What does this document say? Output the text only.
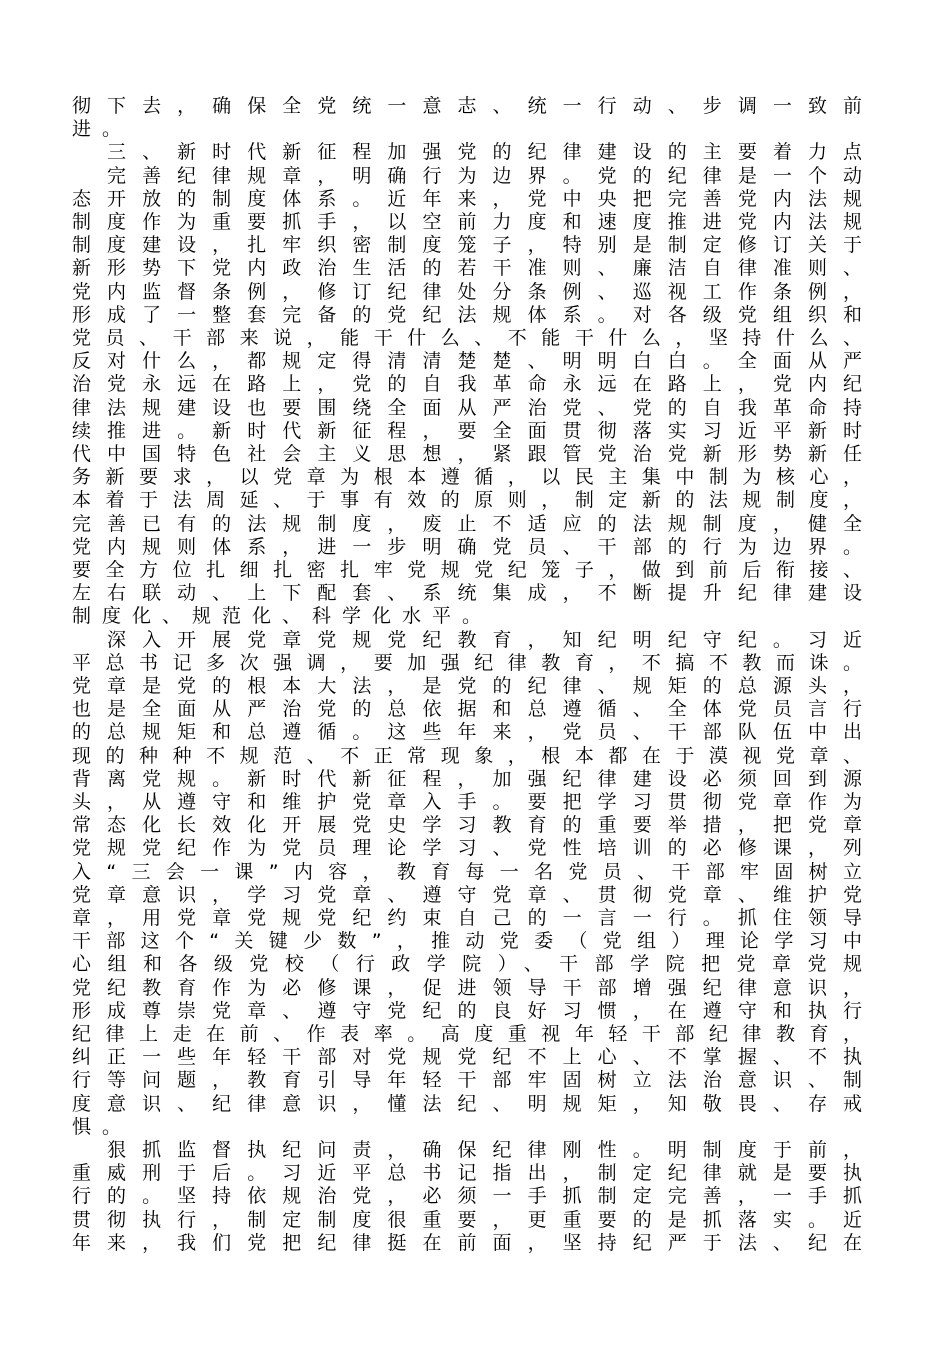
彻下去，确保全党统一意志、统一行动、步调一致前
进。
　三、新时代新征程加强党的纪律建设的主要着力点
　完善纪律规章，明确行为边界。党的纪律是一个动
态开放的制度体系。近年来，党中央把完善党内法规
制度作为重要抓手，以空前力度和速度推进党内法规
制度建设，扎牢织密制度笼子，特别是制定修订关于
新形势下党内政治生活的若干准则、廉洁自律准则、
党内监督条例，修订纪律处分条例、巡视工作条例，
形成了一整套完备的党纪法规体系。对各级党组织和
党员、干部来说，能干什么、不能干什么，坚持什么、
反对什么，都规定得清清楚楚、明明白白。全面从严
治党永远在路上，党的自我革命永远在路上，党内纪
律法规建设也要围绕全面从严治党、党的自我革命持
续推进。新时代新征程，要全面贯彻落实习近平新时
代中国特色社会主义思想，紧跟管党治党新形势新任
务新要求，以党章为根本遵循，以民主集中制为核心，
本着于法周延、于事有效的原则，制定新的法规制度，
完善已有的法规制度，废止不适应的法规制度，健全
党内规则体系，进一步明确党员、干部的行为边界。
要全方位扎细扎密扎牢党规党纪笼子，做到前后衔接、
左右联动、上下配套、系统集成，不断提升纪律建设
制度化、规范化、科学化水平。
　深入开展党章党规党纪教育，知纪明纪守纪。习近
平总书记多次强调，要加强纪律教育，不搞不教而诛。
党章是党的根本大法，是党的纪律、规矩的总源头，
也是全面从严治党的总依据和总遵循、全体党员言行
的总规矩和总遵循。这些年来，党员、干部队伍中出
现的种种不规范、不正常现象，根本都在于漠视党章、
背离党规。新时代新征程，加强纪律建设必须回到源
头，从遵守和维护党章入手。要把学习贯彻党章作为
常态化长效化开展党史学习教育的重要举措，把党章
党规党纪作为党员理论学习、党性培训的必修课，列
入“三会一课”内容，教育每一名党员、干部牢固树立
党章意识，学习党章、遵守党章、贯彻党章、维护党
章，用党章党规党纪约束自己的一言一行。抓住领导
干部这个“关键少数”，推动党委（党组）理论学习中
心组和各级党校（行政学院）、干部学院把党章党规
党纪教育作为必修课，促进领导干部增强纪律意识，
形成尊崇党章、遵守党纪的良好习惯，在遵守和执行
纪律上走在前、作表率。高度重视年轻干部纪律教育，
纠正一些年轻干部对党规党纪不上心、不掌握、不执
行等问题，教育引导年轻干部牢固树立法治意识、制
度意识、纪律意识，懂法纪、明规矩，知敬畏、存戒
惧。
　狠抓监督执纪问责，确保纪律刚性。明制度于前，
重威刑于后。习近平总书记指出，制定纪律就是要执
行的。坚持依规治党，必须一手抓制定完善，一手抓
贯彻执行，制定制度很重要，更重要的是抓落实。近
年来，我们党把纪律挺在前面，坚持纪严于法、纪在
